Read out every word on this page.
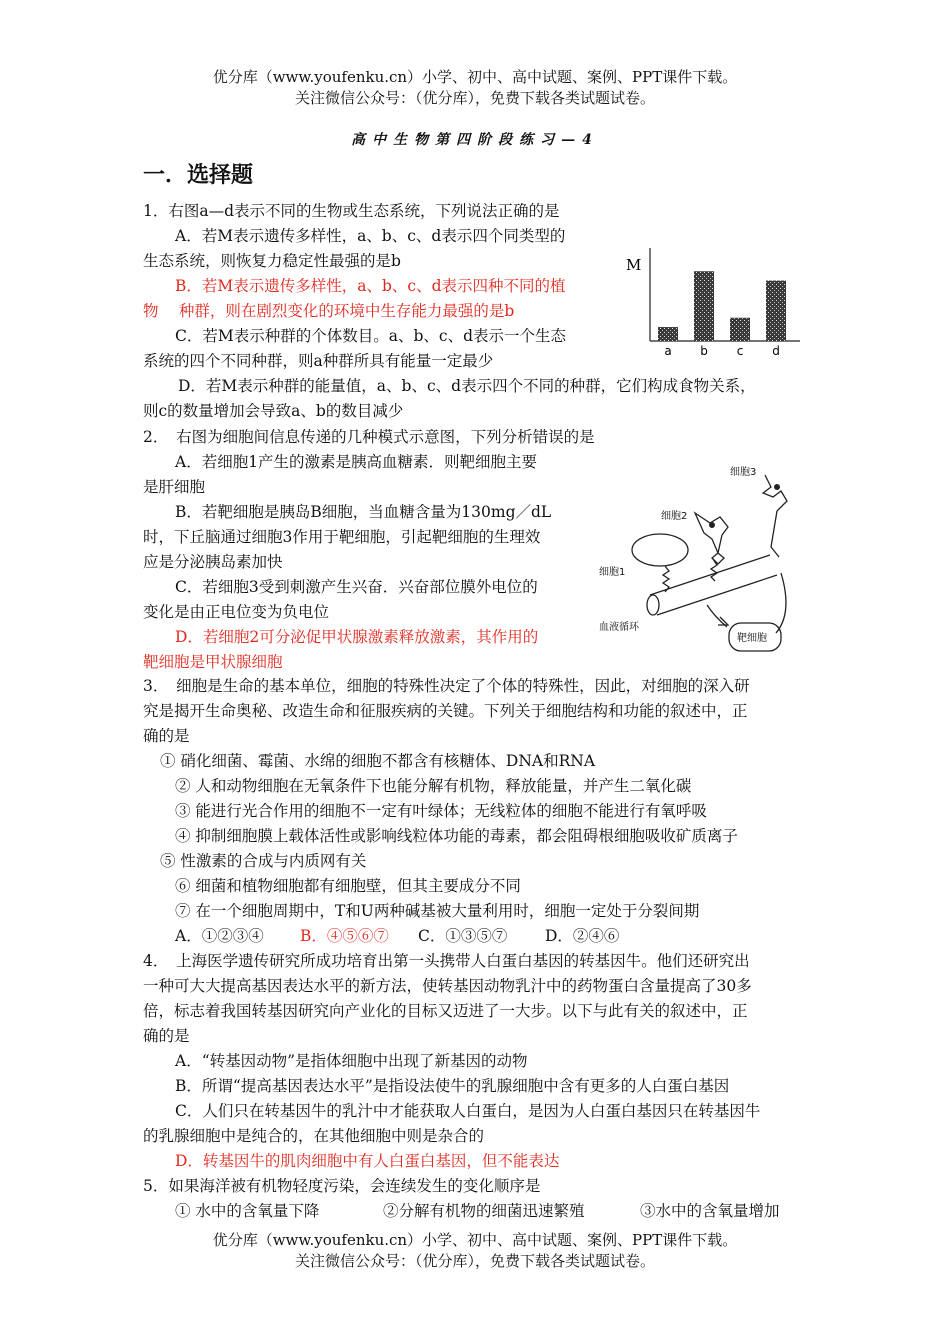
优分库（www.youfenku.cn）小学、初中、高中试题、案例、PPT课件下载。
关注微信公众号：（优分库），免费下载各类试题试卷。
高中生物第四阶段练习—4
一．选择题
1．右图a—d表示不同的生物或生态系统，下列说法正确的是
A．若M表示遗传多样性，a、b、c、d表示四个同类型的
生态系统，则恢复力稳定性最强的是b
B．若M表示遗传多样性，a、b、c、d表示四种不同的植
物　 种群，则在剧烈变化的环境中生存能力最强的是b
C．若M表示种群的个体数目。a、b、c、d表示一个生态
系统的四个不同种群，则a种群所具有能量一定最少
D．若M表示种群的能量值，a、b、c、d表示四个不同的种群，它们构成食物关系，
则c的数量增加会导致a、b的数目减少
M
a b c d
2．　右图为细胞间信息传递的几种模式示意图，下列分析错误的是
A．若细胞1产生的激素是胰高血糖素．则靶细胞主要
是肝细胞
B．若靶细胞是胰岛B细胞，当血糖含量为130mg／dL
时，下丘脑通过细胞3作用于靶细胞，引起靶细胞的生理效
应是分泌胰岛素加快
C．若细胞3受到刺激产生兴奋．兴奋部位膜外电位的
变化是由正电位变为负电位
D．若细胞2可分泌促甲状腺激素释放激素，其作用的
靶细胞是甲状腺细胞
细胞3
细胞2
细胞1
血液循环
靶细胞
3．　细胞是生命的基本单位，细胞的特殊性决定了个体的特殊性，因此，对细胞的深入研
究是揭开生命奥秘、改造生命和征服疾病的关键。下列关于细胞结构和功能的叙述中，正
确的是
① 硝化细菌、霉菌、水绵的细胞不都含有核糖体、DNA和RNA
② 人和动物细胞在无氧条件下也能分解有机物，释放能量，并产生二氧化碳
③ 能进行光合作用的细胞不一定有叶绿体；无线粒体的细胞不能进行有氧呼吸
④ 抑制细胞膜上载体活性或影响线粒体功能的毒素，都会阻碍根细胞吸收矿质离子
⑤ 性激素的合成与内质网有关
⑥ 细菌和植物细胞都有细胞壁，但其主要成分不同
⑦ 在一个细胞周期中，T和U两种碱基被大量利用时，细胞一定处于分裂间期
A．①②③④ B．④⑤⑥⑦ C．①③⑤⑦ D．②④⑥
4．　上海医学遗传研究所成功培育出第一头携带人白蛋白基因的转基因牛。他们还研究出
一种可大大提高基因表达水平的新方法，使转基因动物乳汁中的药物蛋白含量提高了30多
倍，标志着我国转基因研究向产业化的目标又迈进了一大步。以下与此有关的叙述中，正
确的是
A．“转基因动物”是指体细胞中出现了新基因的动物
B．所谓“提高基因表达水平”是指设法使牛的乳腺细胞中含有更多的人白蛋白基因
C．人们只在转基因牛的乳汁中才能获取人白蛋白，是因为人白蛋白基因只在转基因牛
的乳腺细胞中是纯合的，在其他细胞中则是杂合的
D．转基因牛的肌肉细胞中有人白蛋白基因，但不能表达
5．如果海洋被有机物轻度污染，会连续发生的变化顺序是
① 水中的含氧量下降	②分解有机物的细菌迅速繁殖	③水中的含氧量增加
优分库（www.youfenku.cn）小学、初中、高中试题、案例、PPT课件下载。
关注微信公众号：（优分库），免费下载各类试题试卷。
